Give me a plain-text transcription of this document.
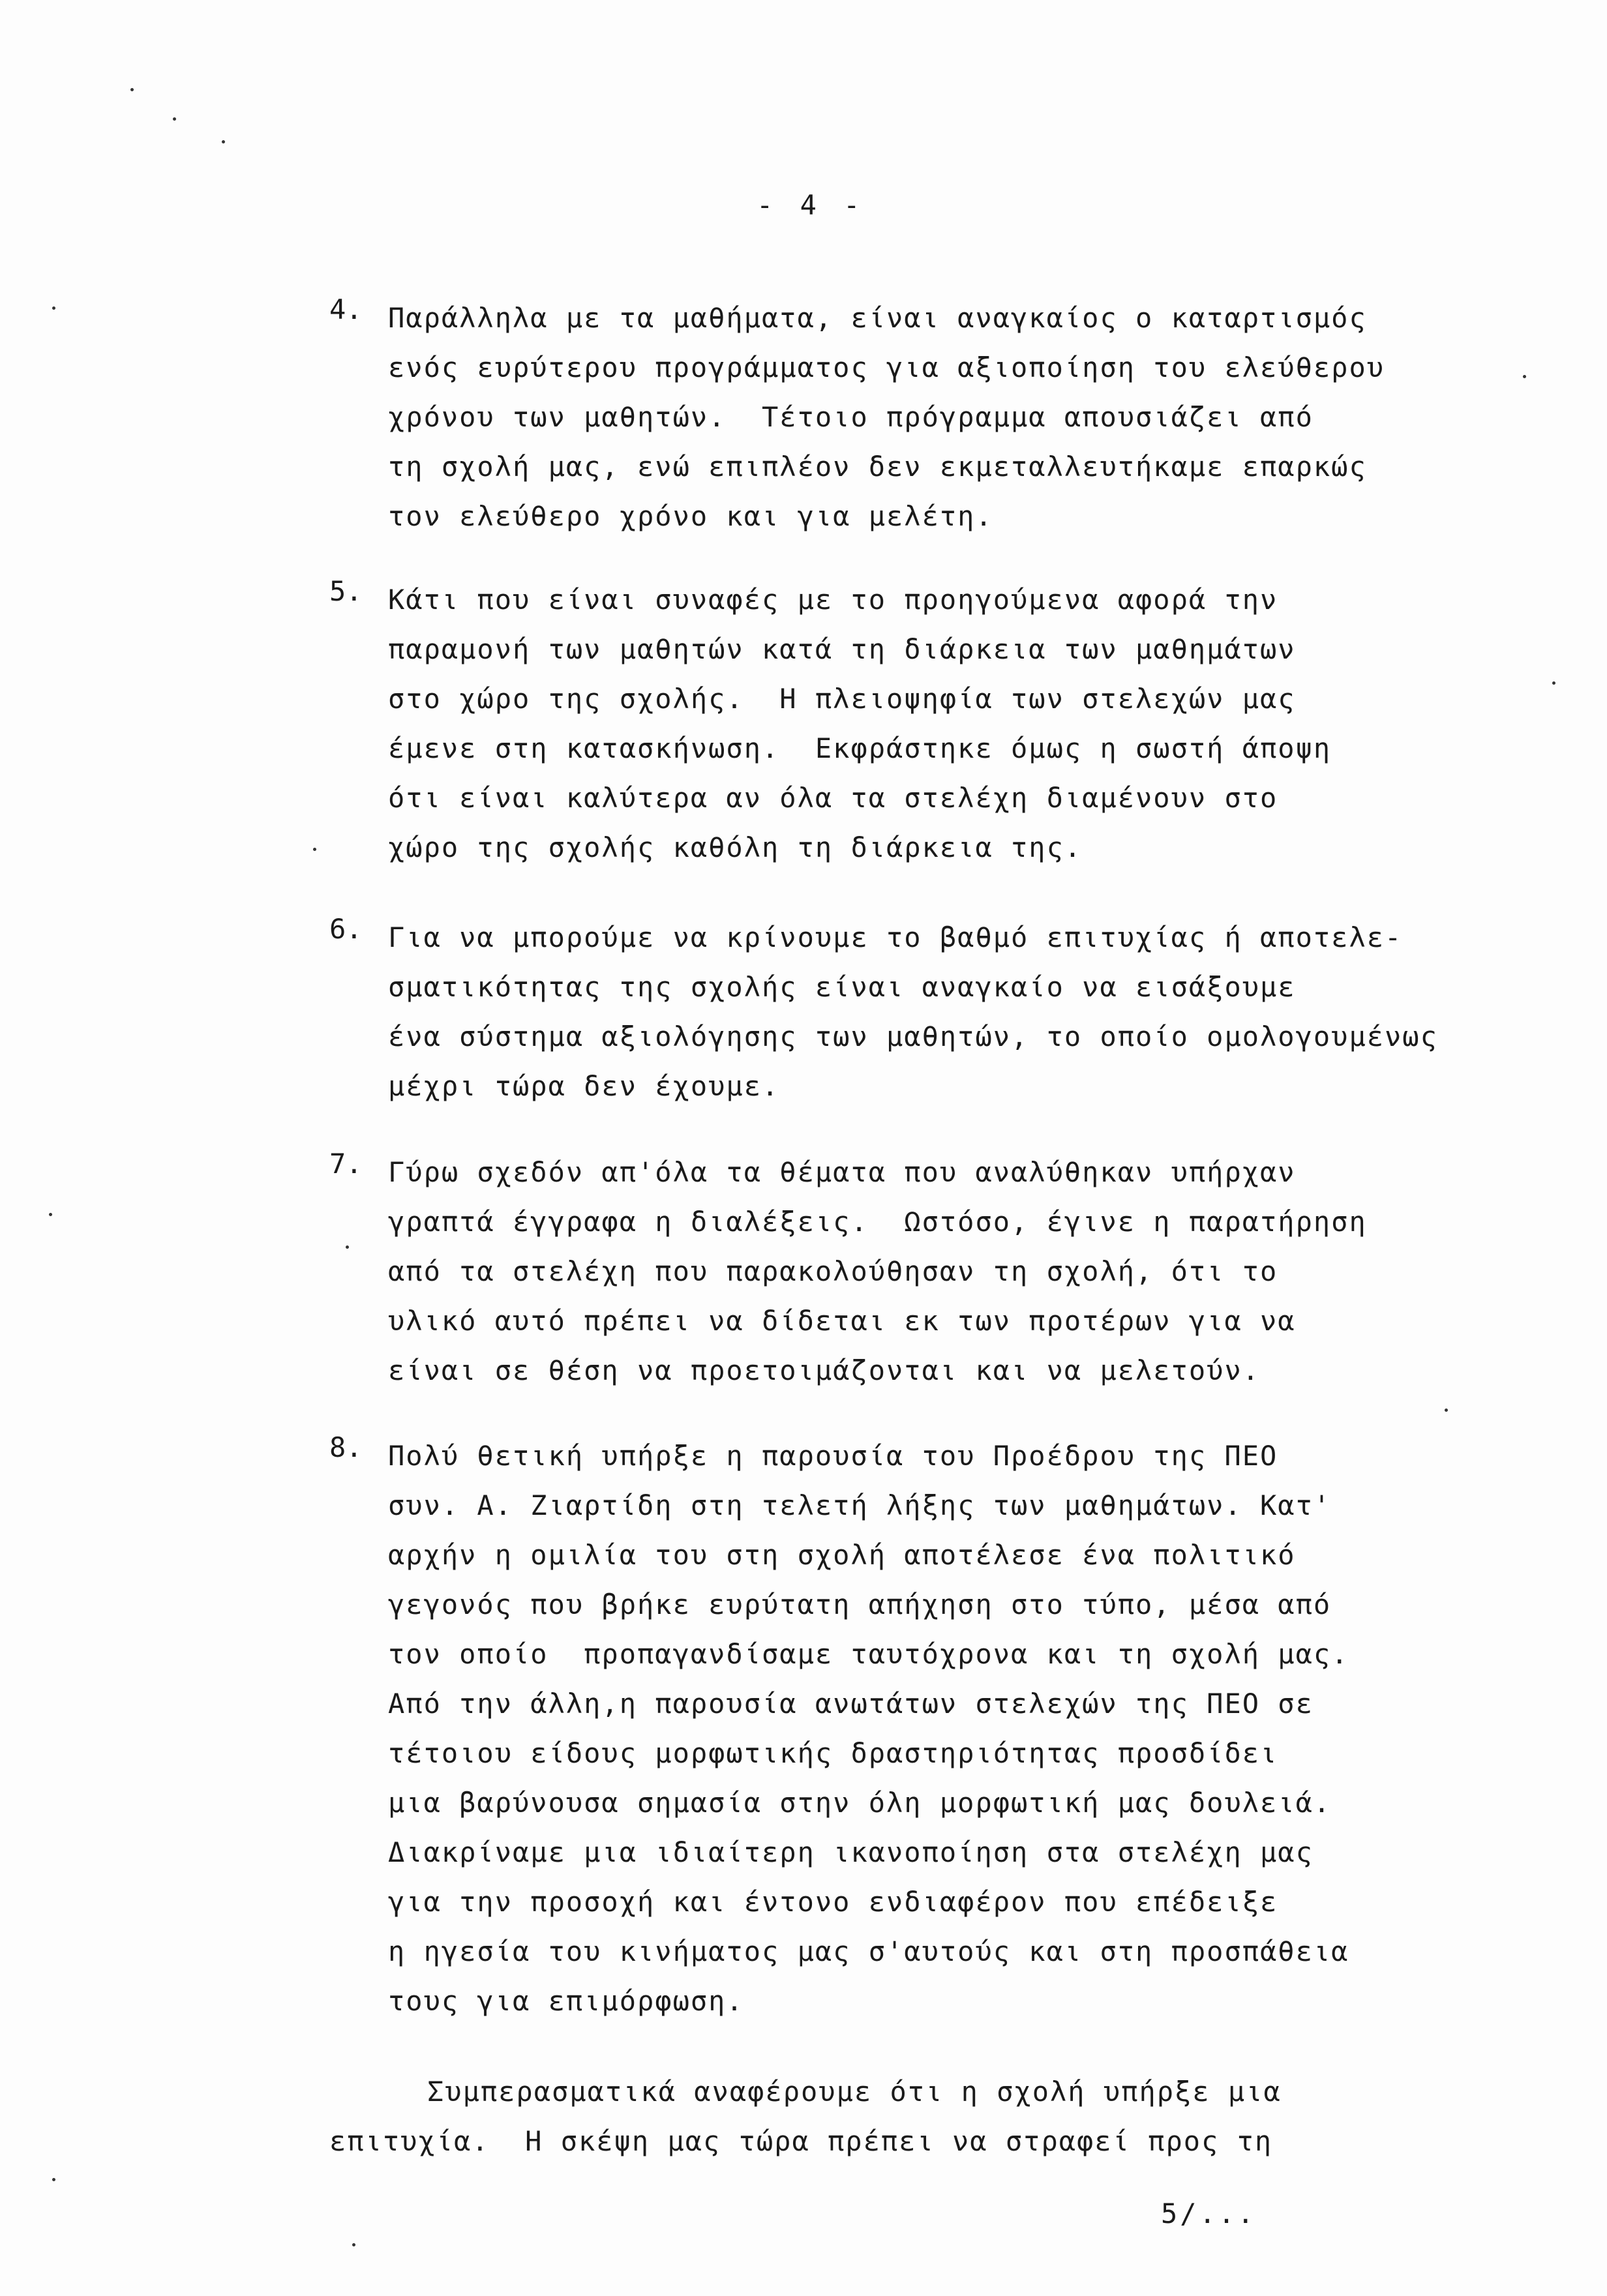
- 4 -
4. Παράλληλα με τα μαθήματα, είναι αναγκαίος ο καταρτισμός
ενός ευρύτερου προγράμματος για αξιοποίηση του ελεύθερου
χρόνου των μαθητών.  Τέτοιο πρόγραμμα απουσιάζει από
τη σχολή μας, ενώ επιπλέον δεν εκμεταλλευτήκαμε επαρκώς
τον ελεύθερο χρόνο και για μελέτη.
5. Κάτι που είναι συναφές με το προηγούμενα αφορά την
παραμονή των μαθητών κατά τη διάρκεια των μαθημάτων
στο χώρο της σχολής.  Η πλειοψηφία των στελεχών μας
έμενε στη κατασκήνωση.  Εκφράστηκε όμως η σωστή άποψη
ότι είναι καλύτερα αν όλα τα στελέχη διαμένουν στο
χώρο της σχολής καθόλη τη διάρκεια της.
6. Για να μπορούμε να κρίνουμε το βαθμό επιτυχίας ή αποτελε-
σματικότητας της σχολής είναι αναγκαίο να εισάξουμε
ένα σύστημα αξιολόγησης των μαθητών, το οποίο ομολογουμένως
μέχρι τώρα δεν έχουμε.
7. Γύρω σχεδόν απ'όλα τα θέματα που αναλύθηκαν υπήρχαν
γραπτά έγγραφα η διαλέξεις.  Ωστόσο, έγινε η παρατήρηση
από τα στελέχη που παρακολούθησαν τη σχολή, ότι το
υλικό αυτό πρέπει να δίδεται εκ των προτέρων για να
είναι σε θέση να προετοιμάζονται και να μελετούν.
8. Πολύ θετική υπήρξε η παρουσία του Προέδρου της ΠΕΟ
συν. Α. Ζιαρτίδη στη τελετή λήξης των μαθημάτων. Κατ'
αρχήν η ομιλία του στη σχολή αποτέλεσε ένα πολιτικό
γεγονός που βρήκε ευρύτατη απήχηση στο τύπο, μέσα από
τον οποίο  προπαγανδίσαμε ταυτόχρονα και τη σχολή μας.
Από την άλλη,η παρουσία ανωτάτων στελεχών της ΠΕΟ σε
τέτοιου είδους μορφωτικής δραστηριότητας προσδίδει
μια βαρύνουσα σημασία στην όλη μορφωτική μας δουλειά.
Διακρίναμε μια ιδιαίτερη ικανοποίηση στα στελέχη μας
για την προσοχή και έντονο ενδιαφέρον που επέδειξε
η ηγεσία του κινήματος μας σ'αυτούς και στη προσπάθεια
τους για επιμόρφωση.
Συμπερασματικά αναφέρουμε ότι η σχολή υπήρξε μια
επιτυχία.  Η σκέψη μας τώρα πρέπει να στραφεί προς τη
5/...
